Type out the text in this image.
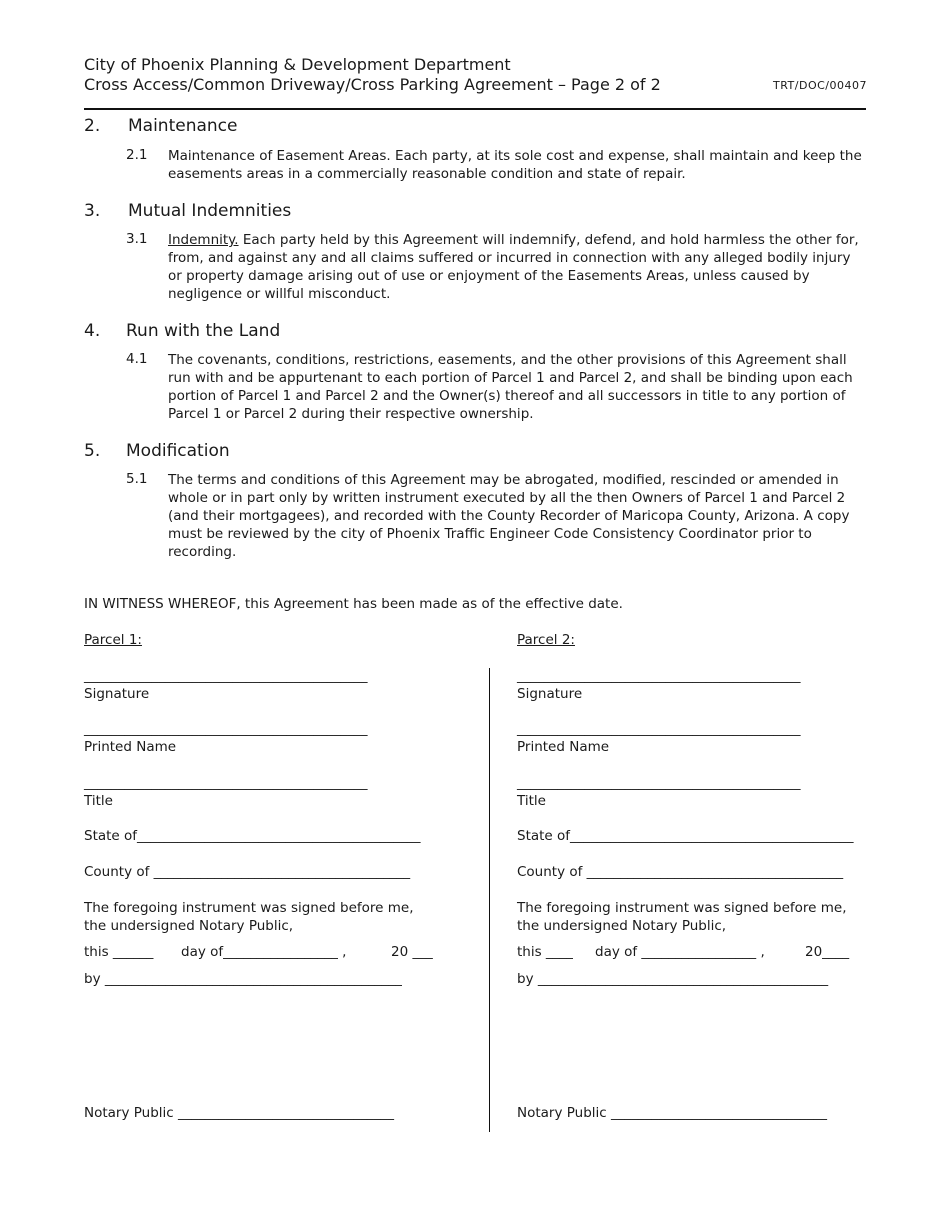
City of Phoenix Planning & Development Department
Cross Access/Common Driveway/Cross Parking Agreement – Page 2 of 2	TRT/DOC/00407
2. Maintenance
2.1 Maintenance of Easement Areas. Each party, at its sole cost and expense, shall maintain and keep the easements areas in a commercially reasonable condition and state of repair.
3. Mutual Indemnities
3.1 Indemnity. Each party held by this Agreement will indemnify, defend, and hold harmless the other for, from, and against any and all claims suffered or incurred in connection with any alleged bodily injury or property damage arising out of use or enjoyment of the Easements Areas, unless caused by negligence or willful misconduct.
4. Run with the Land
4.1 The covenants, conditions, restrictions, easements, and the other provisions of this Agreement shall run with and be appurtenant to each portion of Parcel 1 and Parcel 2, and shall be binding upon each portion of Parcel 1 and Parcel 2 and the Owner(s) thereof and all successors in title to any portion of Parcel 1 or Parcel 2 during their respective ownership.
5. Modification
5.1 The terms and conditions of this Agreement may be abrogated, modified, rescinded or amended in whole or in part only by written instrument executed by all the then Owners of Parcel 1 and Parcel 2 (and their mortgagees), and recorded with the County Recorder of Maricopa County, Arizona. A copy must be reviewed by the city of Phoenix Traffic Engineer Code Consistency Coordinator prior to recording.
IN WITNESS WHEREOF, this Agreement has been made as of the effective date.
Parcel 1:
__________________________________________
Signature
__________________________________________
Printed Name
__________________________________________
Title
State of__________________________________________
County of ______________________________________
The foregoing instrument was signed before me,
the undersigned Notary Public,
this ______ day of_________________ ,	20 ___
by ____________________________________________
Notary Public ________________________________
Parcel 2:
__________________________________________
Signature
__________________________________________
Printed Name
__________________________________________
Title
State of__________________________________________
County of ______________________________________
The foregoing instrument was signed before me,
the undersigned Notary Public,
this ____ day of _________________ ,	20____
by ___________________________________________
Notary Public ________________________________
